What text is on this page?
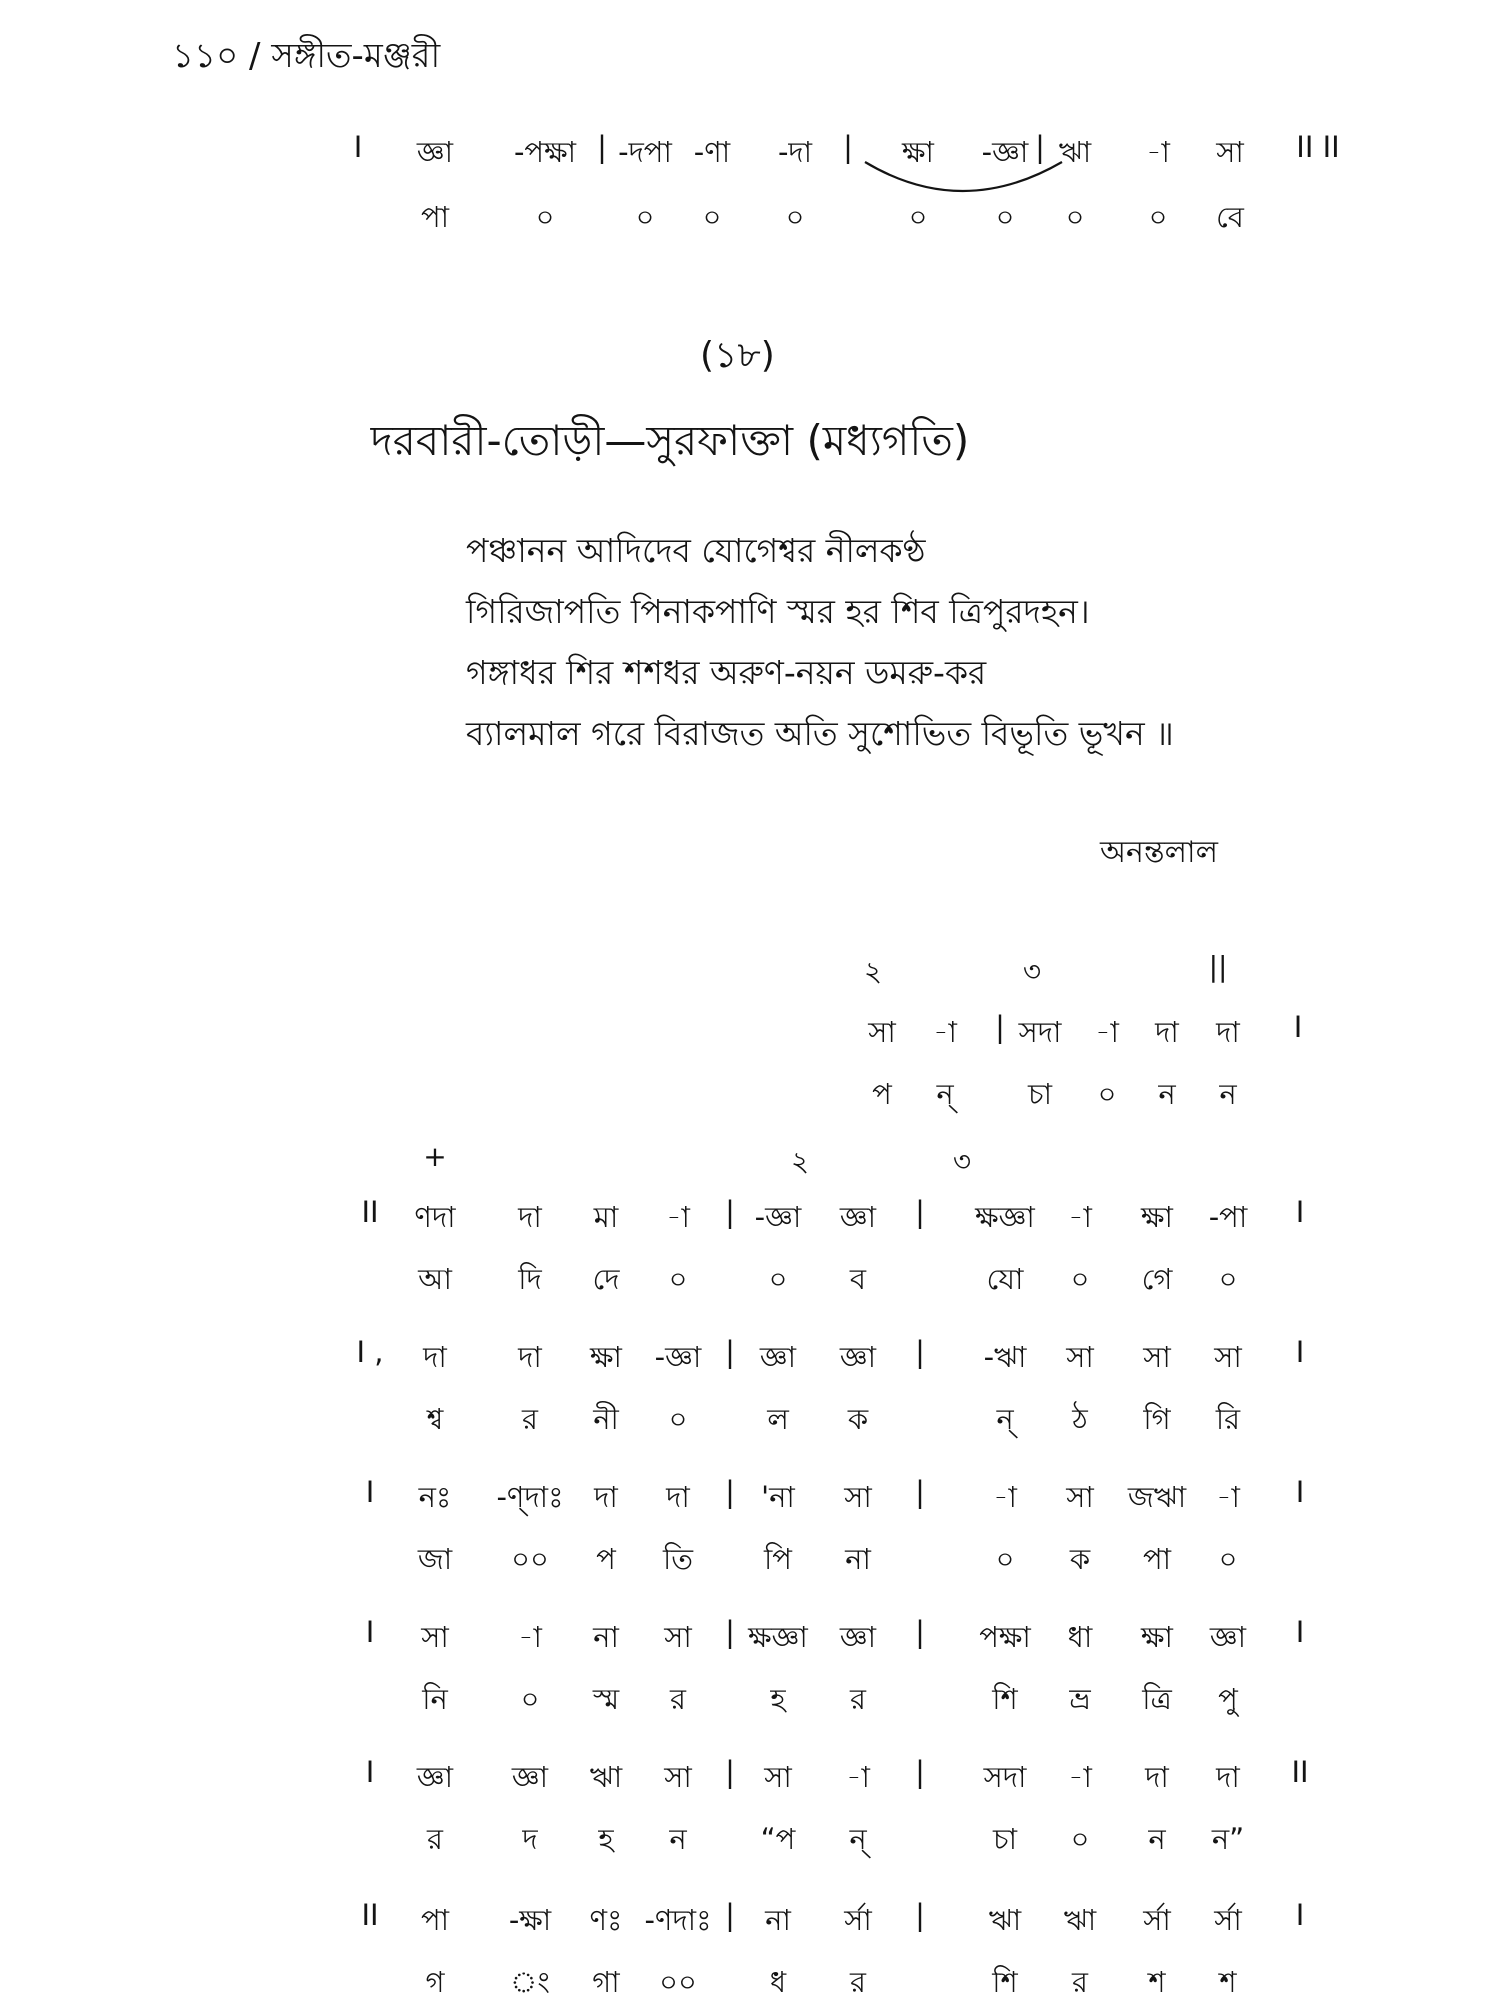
১১০ / সঙ্গীত-মঞ্জরী
I জ্ঞা -পক্ষা | -দপা -ণা -দা | ক্ষা -জ্ঞা | ঋা -া সা II II
পা	০	০ ০ ০	০ ০ ০ ০ বে
(১৮)
দরবারী-তোড়ী—সুরফাক্তা (মধ্যগতি)
পঞ্চানন আদিদেব যোগেশ্বর নীলকণ্ঠ
গিরিজাপতি পিনাকপাণি স্মর হর শিব ত্রিপুরদহন।
গঙ্গাধর শির শশধর অরুণ-নয়ন ডমরু-কর
ব্যালমাল গরে বিরাজত অতি সুশোভিত বিভূতি ভূখন ॥
অনন্তলাল
২	৩	||
সা -া | সদা -া দা দা I
প ন্	চা ০ ন ন
+	২	৩
II ণদা দা মা -া | -জ্ঞা জ্ঞা | ক্ষজ্ঞা -া ক্ষা -পা I
আ দি দে ০	০ ব	যো ০ গে ০
I , দা দা ক্ষা -জ্ঞা | জ্ঞা জ্ঞা | -ঋা সা সা সা I
শ্ব	র নী ০	ল ক	ন্ ঠ গি রি
I নঃ -ণ্দাঃ দা দা | 'না সা | -া সা জঋা -া I
জা ০০ প তি পি না	০ ক পা ০
I সা -া না সা | ক্ষজ্ঞা জ্ঞা | পক্ষা ধা ক্ষা জ্ঞা I
নি	০ স্ম র	হ র	শি ভ্র ত্রি পু
I জ্ঞা জ্ঞা ঋা সা | সা -া | সদা -া দা দা II
র	দ হ ন	“প ন্	চা ০ ন ন”
II পা -ক্ষা ণঃ -ণদাঃ | না র্সা | ঋা ঋা র্সা র্সা I
গ ং গা ০০	ধ র	শি র শ শ
